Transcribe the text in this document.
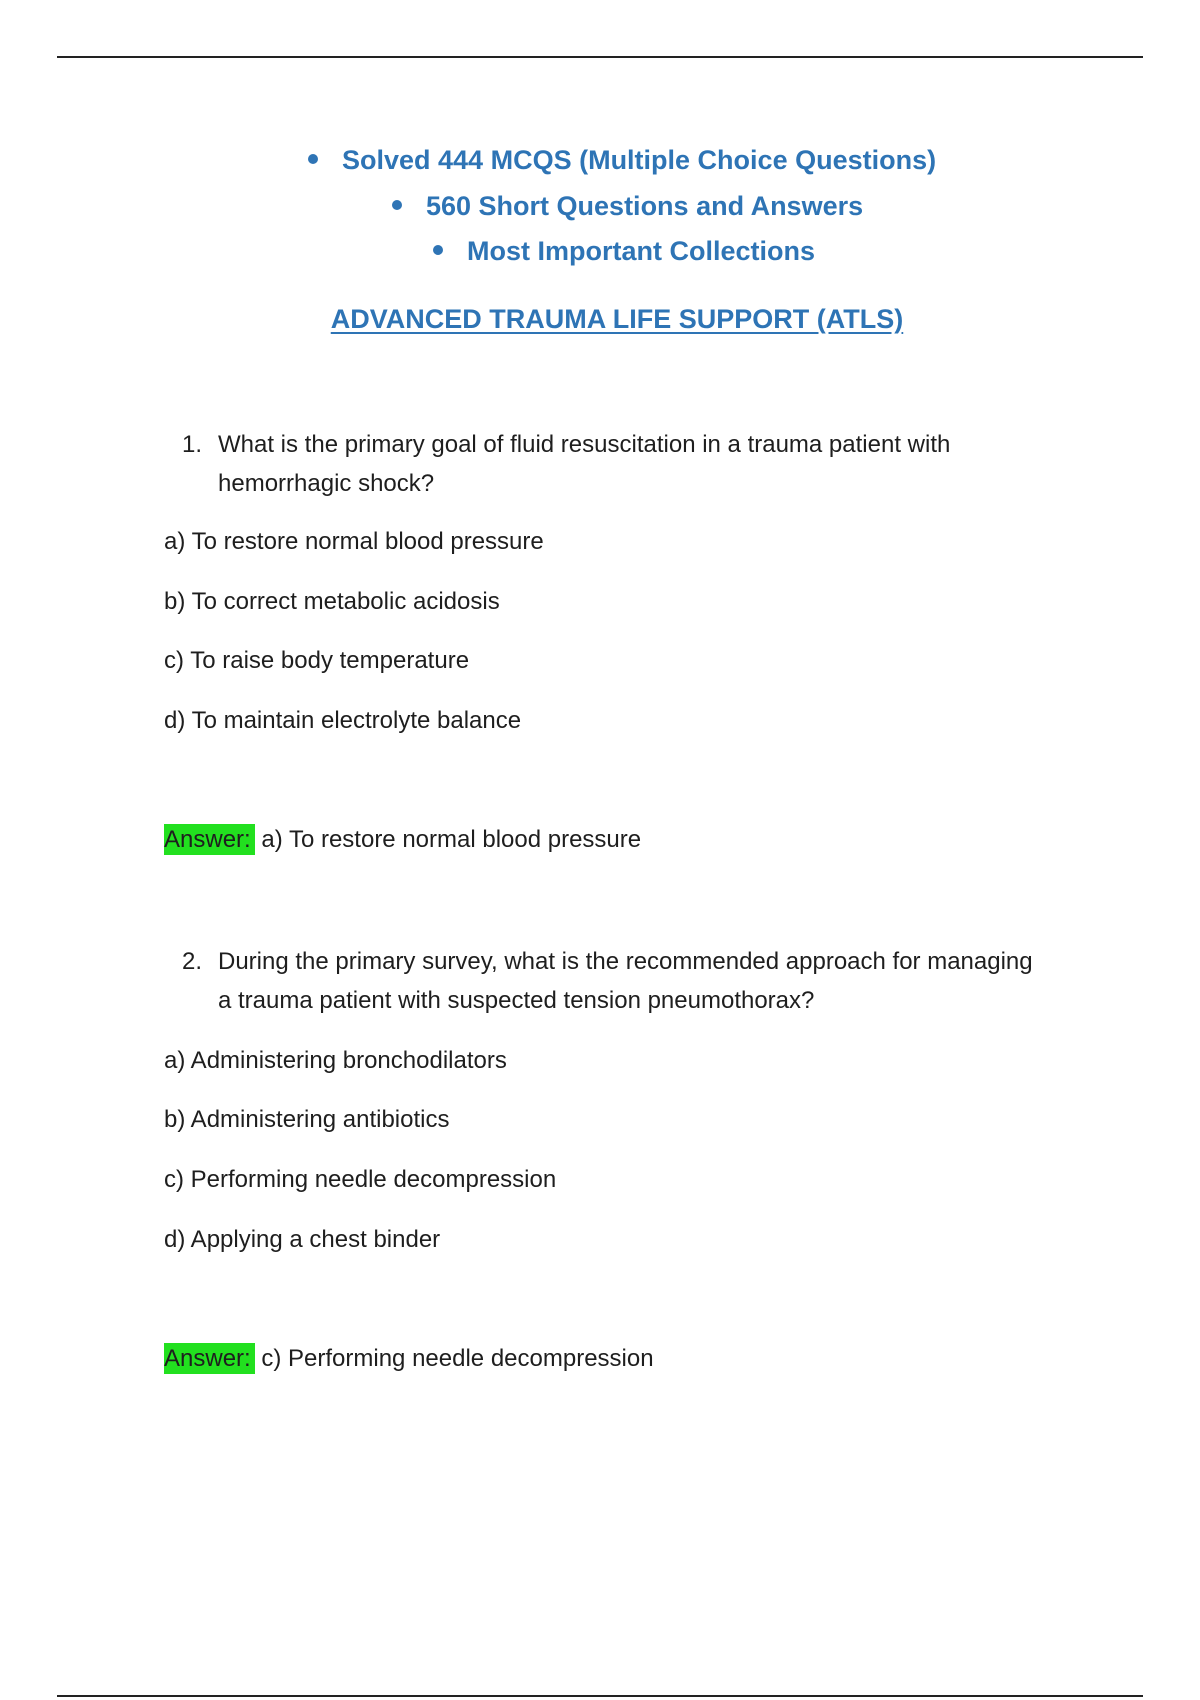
Solved 444 MCQS (Multiple Choice Questions)
560 Short Questions and Answers
Most Important Collections
ADVANCED TRAUMA LIFE SUPPORT (ATLS)
1. What is the primary goal of fluid resuscitation in a trauma patient with hemorrhagic shock?
a) To restore normal blood pressure
b) To correct metabolic acidosis
c) To raise body temperature
d) To maintain electrolyte balance
Answer: a) To restore normal blood pressure
2. During the primary survey, what is the recommended approach for managing a trauma patient with suspected tension pneumothorax?
a) Administering bronchodilators
b) Administering antibiotics
c) Performing needle decompression
d) Applying a chest binder
Answer: c) Performing needle decompression
